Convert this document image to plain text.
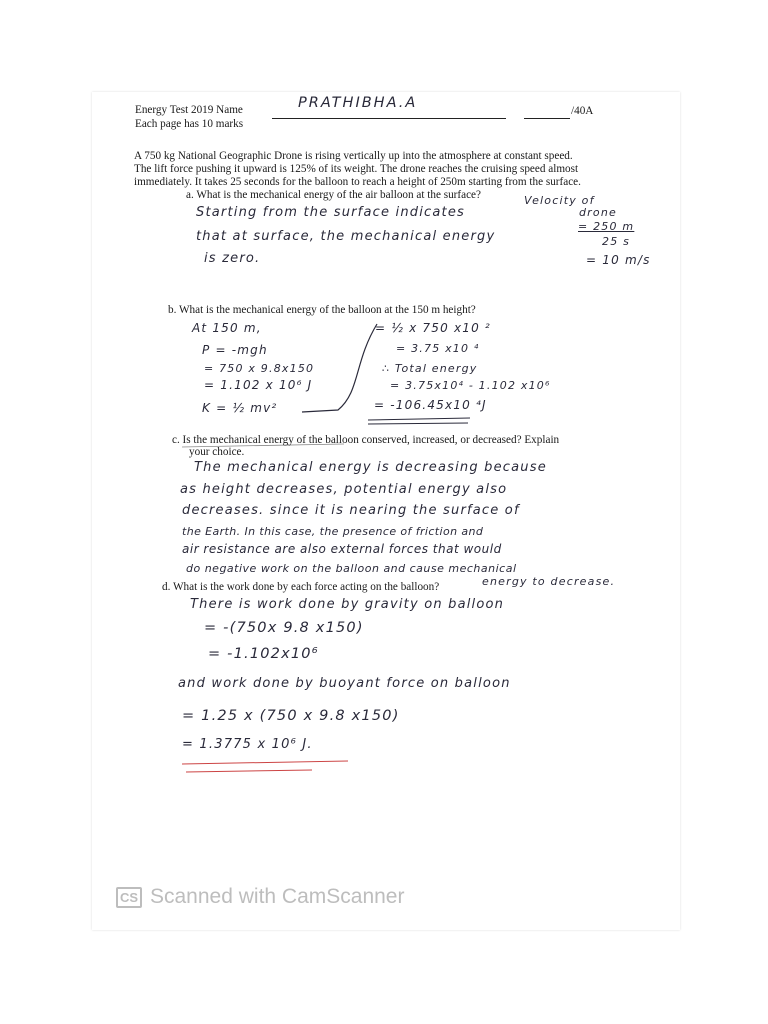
Energy Test 2019 Name	PRATHIBHA.A	/40A
Each page has 10 marks
A 750 kg National Geographic Drone is rising vertically up into the atmosphere at constant speed.
The lift force pushing it upward is 125% of its weight. The drone reaches the cruising speed almost
immediately. It takes 25 seconds for the balloon to reach a height of 250m starting from the surface.
a. What is the mechanical energy of the air balloon at the surface?
Starting from the surface indicates
that at surface, the mechanical energy
is zero.
Velocity of
drone
= 250 m
25 s
= 10 m/s
b. What is the mechanical energy of the balloon at the 150 m height?
At 150 m,
P = -mgh
= 750 x 9.8x150
= 1.102 x 10⁶ J
K = ½ mv²
= ½ x 750 x10 ²
= 3.75 x10 ⁴
∴ Total energy
= 3.75x10⁴ - 1.102 x10⁶
= -106.45x10 ⁴J
c. Is the mechanical energy of the balloon conserved, increased, or decreased? Explain
your choice.
The mechanical energy is decreasing because
as height decreases, potential energy also
decreases. since it is nearing the surface of
the Earth. In this case, the presence of friction and
air resistance are also external forces that would
do negative work on the balloon and cause mechanical
energy to decrease.
d. What is the work done by each force acting on the balloon?
There is work done by gravity on balloon
= -(750x 9.8 x150)
= -1.102x10⁶
and work done by buoyant force on balloon
= 1.25 x (750 x 9.8 x150)
= 1.3775 x 10⁶ J.
CS Scanned with CamScanner
